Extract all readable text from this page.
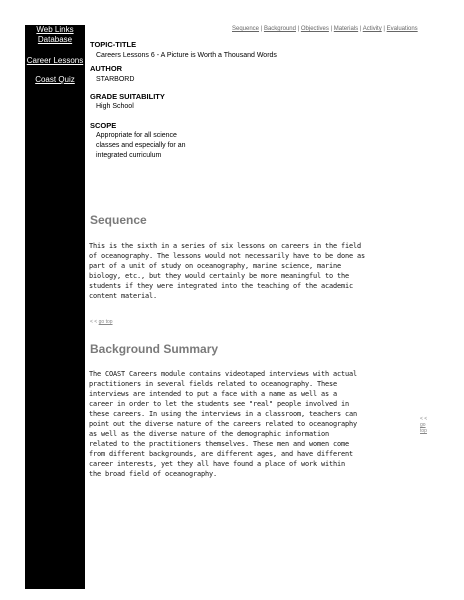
Web Links
Database
Career Lessons
Coast Quiz
Sequence | Background | Objectives | Materials | Activity | Evaluations
TOPIC-TITLE
Careers Lessons 6 - A Picture is Worth a Thousand Words
AUTHOR
STARBORD
GRADE SUITABILITY
High School
SCOPE
Appropriate for all science
classes and especially for an
integrated curriculum
Sequence
This is the sixth in a series of six lessons on careers in the field
of oceanography. The lessons would not necessarily have to be done as
part of a unit of study on oceanography, marine science, marine
biology, etc., but they would certainly be more meaningful to the
students if they were integrated into the teaching of the academic
content material.
< < go top
Background Summary
The COAST Careers module contains videotaped interviews with actual
practitioners in several fields related to oceanography. These
interviews are intended to put a face with a name as well as a
career in order to let the students see "real" people involved in
these careers. In using the interviews in a classroom, teachers can
point out the diverse nature of the careers related to oceanography
as well as the diverse nature of the demographic information
related to the practitioners themselves. These men and women come
from different backgrounds, are different ages, and have different
career interests, yet they all have found a place of work within
the broad field of oceanography.
< <
go
top
